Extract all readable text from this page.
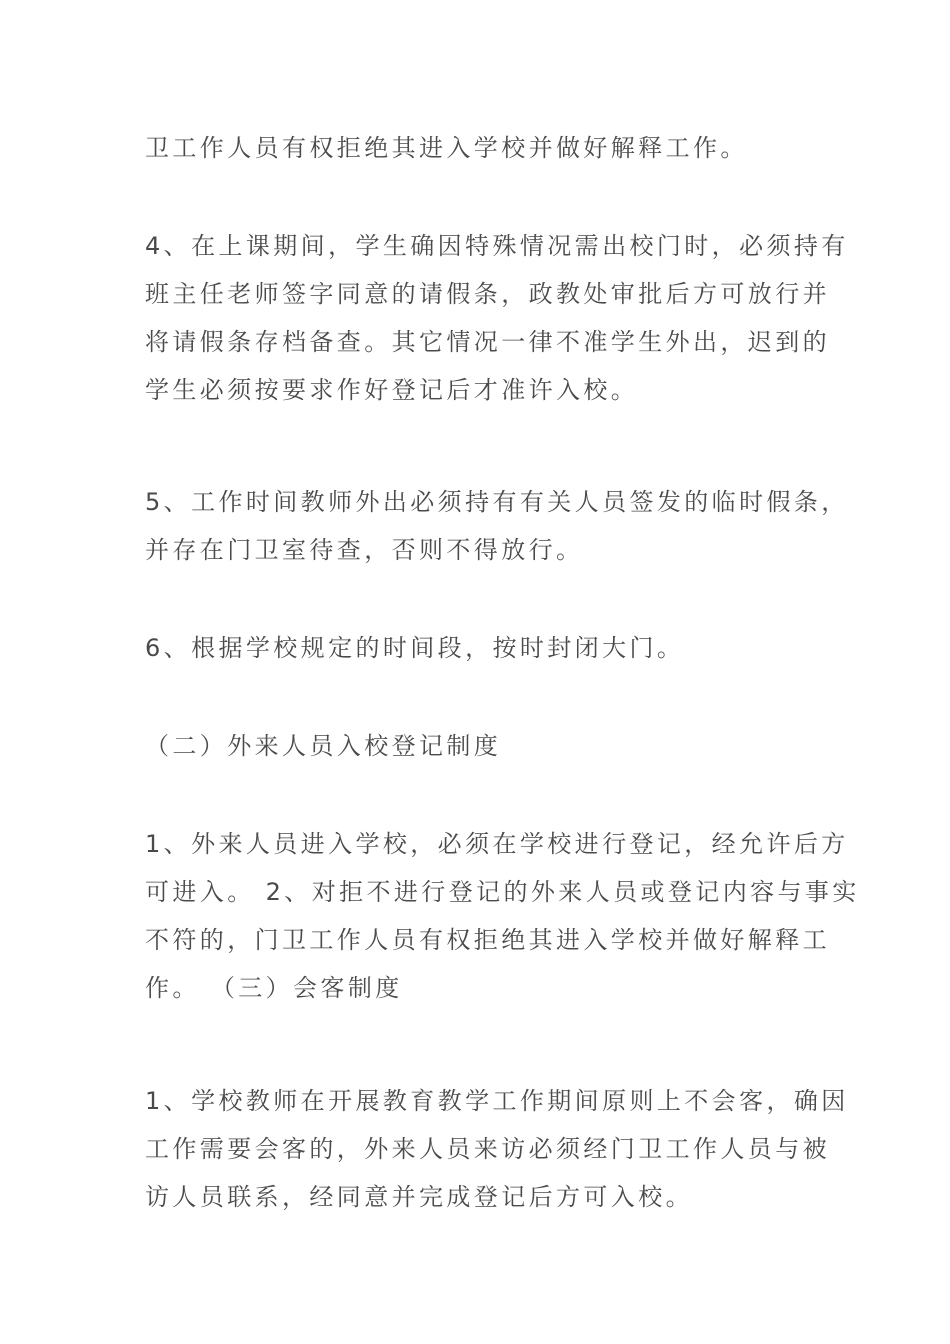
卫工作人员有权拒绝其进入学校并做好解释工作。

4、在上课期间，学生确因特殊情况需出校门时，必须持有
班主任老师签字同意的请假条，政教处审批后方可放行并
将请假条存档备查。其它情况一律不准学生外出，迟到的
学生必须按要求作好登记后才准许入校。

5、工作时间教师外出必须持有有关人员签发的临时假条，
并存在门卫室待查，否则不得放行。

6、根据学校规定的时间段，按时封闭大门。

（二）外来人员入校登记制度

1、外来人员进入学校，必须在学校进行登记，经允许后方
可进入。 2、对拒不进行登记的外来人员或登记内容与事实
不符的，门卫工作人员有权拒绝其进入学校并做好解释工
作。 （三）会客制度

1、学校教师在开展教育教学工作期间原则上不会客，确因
工作需要会客的，外来人员来访必须经门卫工作人员与被
访人员联系，经同意并完成登记后方可入校。
